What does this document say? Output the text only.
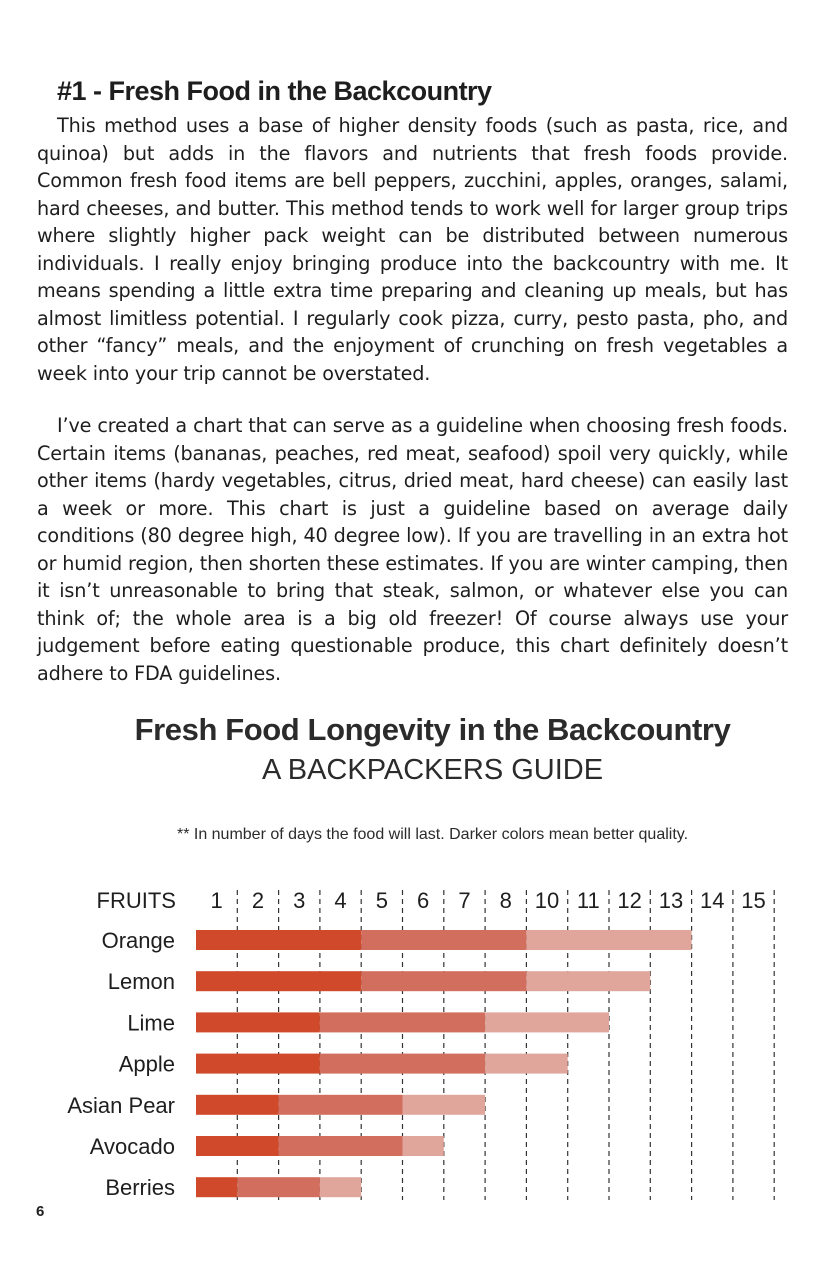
#1 - Fresh Food in the Backcountry

This method uses a base of higher density foods (such as pasta, rice, and quinoa) but adds in the flavors and nutrients that fresh foods provide. Common fresh food items are bell peppers, zucchini, apples, oranges, salami, hard cheeses, and butter. This method tends to work well for larger group trips where slightly higher pack weight can be distributed between numerous individuals. I really enjoy bringing produce into the backcountry with me. It means spending a little extra time preparing and cleaning up meals, but has almost limitless potential. I regularly cook pizza, curry, pesto pasta, pho, and other “fancy” meals, and the enjoyment of crunching on fresh vegetables a week into your trip cannot be overstated.

I’ve created a chart that can serve as a guideline when choosing fresh foods. Certain items (bananas, peaches, red meat, seafood) spoil very quickly, while other items (hardy vegetables, citrus, dried meat, hard cheese) can easily last a week or more. This chart is just a guideline based on average daily conditions (80 degree high, 40 degree low). If you are travelling in an extra hot or humid region, then shorten these estimates. If you are winter camping, then it isn’t unreasonable to bring that steak, salmon, or whatever else you can think of; the whole area is a big old freezer! Of course always use your judgement before eating questionable produce, this chart definitely doesn’t adhere to FDA guidelines.

Fresh Food Longevity in the Backcountry
A BACKPACKERS GUIDE
** In number of days the food will last. Darker colors mean better quality.
FRUITS 1 2 3 4 5 6 7 8 10 11 12 13 14 15
Orange
Lemon
Lime
Apple
Asian Pear
Avocado
Berries
6
